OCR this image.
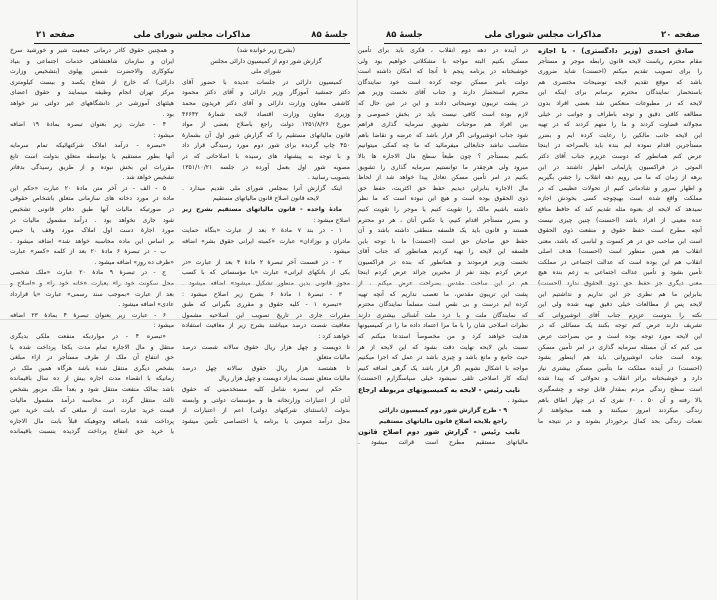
جلسهٔ ۸۵
مذاکرات مجلس شورای ملی
صفحه ۲۱
(بشرح زیر خوانده شد)
گزارش شور دوم از کمیسیون دارائی مجلس
شورای ملی
کمیسیون دارائی در جلسات عدیده با حضور آقای
دکتر جمشید آموزگار وزیر دارائی و آقای دکتر محمود
کاشفی معاون وزارت دارائی و آقای دکتر فریدون محمد
وزیری معاون وزارت اقتصاد لایحه شمارهٔ ۴۶۶۴۲
مورخ ۱۳۵۱/۸/۲۶ دولت راجع باصلاح بعضی از مواد
قانون مالیاتهای مستقیم را که گزارش شور اول آن بشمارهٔ
۴۵۰ چاپ گردیده برای شور دوم مورد رسیدگی قرار داد
و با توجه به پیشنهاد های رسیده با اصلاحاتی که در
مصوبه شور اول بعمل آورده در جلسه ۱۳۵۱/۱۰/۲۱
بتصویب رسانید .
اینک گزارش آنرا بمجلس شورای ملی تقدیم میدارد .
لایحه قانون اصلاح قانون مالیاتهای مستقیم
مادهٔ واحده - قانون مالیاتهای مستقیم بشرح زیر
اصلاح میشود :
۱ - در بند ۷ مادهٔ ۲ بعد از عبارت «بنگاه حمایت
مادران و نوزادان» عبارت «کمیته ایرانی حقوق بشر» اضافه
میشود .
۲ - در قسمت آخر تبصرهٔ ۲ مادهٔ ۴ بعد از عبارت «در
یکی از بانکهای ایرانی» عبارت «یا مؤسساتی که با کسب
۳ - تبصرهٔ ۱ مادهٔ ۶ بشرح زیر اصلاح میشود :
«تبصره ۱ - کلیه حقوق و مقرری بگیرانی که طبق
مقررات جاری در تاریخ تصویب این اصلاحیه مشمول
معافیت شصت درصد میباشند بشرح زیر از معافیت استفاده
خواهند کرد :
تا دویست و چهل هزار ریال حقوق سالانه شصت درصد
مالیات متعلق
تا هشتصد هزار ریال حقوق سالانه چهل درصد
مالیات متعلق نسبت بمازاد دویست و چهل هزار ریال
حکم این تبصره شامل کلیه مستخدمینی که حقوق
آنان از اعتبارات وزارتخانه ها و مؤسسات دولتی و وابسته
بدولت (باستثنای شرکتهای دولتی) اعم از اعتبارات از
محل درآمد عمومی یا برنامه یا اختصاصی تأمین میشود
و همچنین حقوق کادر درمانی جمعیت شیر و خورشید سرخ
ایران و سازمان شاهنشاهی خدمات اجتماعی و بنیاد
نیکوکاری والاحضرت شمس پهلوی (بتشخیص وزارت
دارائی) که خارج از شعاع یکصد و بیست کیلومتری
مرکز تهران انجام وظیفه مینمایند و حقوق اعضای
هیئتهای آموزشی در دانشگاههای غیر دولتی نیز خواهد
بود .
۴ - عبارت زیر بعنوان تبصره بمادهٔ ۱۹ اضافه
میشود :
«تبصره - درآمد املاک شرکتهائیکه تمام سرمایه
آنها بطور مستقیم یا بواسطه متعلق بدولت است تابع
مقررات این بخش نبوده و از طریق رسیدگی بدفاتر
تشخیص خواهد شد .
۵ - الف - در آخر متن مادهٔ ۲۰ عبارت «حکم این
ماده در مورد دخانه های سازمانی متعلق باشخاص حقوقی
در صورتیکه مالیات آنها طبق دفاتر قانونی تشخیص
شود جاری نخواهد بود . درآمد مشمول مالیات در
مورد اجارهٔ دست اول املاک مورد وقف یا حبس
بر اساس این ماده محاسبه خواهد شد» اضافه میشود .
ب - در تبصرهٔ ۶ مادهٔ ۲۰ بعد از کلمه «کسر» عبارت
«ظرف ده روز» اضافه میشود .
ج - در تبصرهٔ ۹ مادهٔ ۲۰ عبارت «ملک شخصی
بعد از عبارت «بموجب سند رسمی» عبارت «یا قرارداد
عادی» اضافه میشود .
۶ - عبارت زیر بعنوان تبصرهٔ ۴ بمادهٔ ۲۳ اضافه
میشود :
«تبصره ۴ - در مواردیکه منفعت ملکی بدیگری
منتقل و مال الاجاره تمام مدت یکجا پرداخت شده یا
حق انتفاع آن ملک از طرف مستأجر در ازاء مبلغی
بشخص دیگری منتقل شده باشد هرگاه همین ملک در
زمانیکه با انقضاء مدت اجاره بیش از ده سال باقیمانده
باشد بمالک منفعت منتقل شود و بعداً ملک مزبور بشخص
ثالث منتقل گردد در محاسبه درآمد مشمول مالیات
قیمت خرید عبارت است از مبلغی که بابت خرید عین
پرداخت شده باضافه وجوهیکه قبلاً بابت مال الاجاره
یا خرید حق انتفاع پرداخت گردیده بنسبت باقیمانده
جلسهٔ ۸۵	مذاکرات مجلس شورای ملی	صفحه ۲۰
صادق احمدی (وزیر دادگستری) - با اجازه
مقام محترم ریاست لایحه قانون رابطه موجر و مستأجر
را برای تصویب تقدیم میکنم (احسنت) شاید ضروری
باشد که موقع تقدیم لایحه توضیحات مختصری هم
باستحضار نمایندگان محترم برسانم برای اینکه این
لایحه که در مطبوعات منعکس شد بعضی افراد بدون
مطالعه کافی دقیق و توجه باطراف و جوانب در خیلی
مجولانه قضاوت کردند و ما را متهم کردند که در تهیه
این لایحه جانب مالکین را رعایت کرده ایم و بضرر
مستأجرین اقدام نموده ایم بنده باید بالصراحه در اینجا
عرض کنم همانطور که دوست عزیزم جناب آقای دکتر
الموتی در فراکسیون پارلمانی اظهار داشتند در این
برهه از زمان که ما می رویم دهه انقلاب را جشن بگیریم
و اظهار سرور و شادمانی کنیم از تحولات عظیمی که در
مملکت واقع شده است بهیچوجه کسی بخودش اجازه
نمیدهد که لایحه ای بعنوه مثله تقدیم کند که حافظ منافع
عده معینی از افراد باشد (احسنت) چنین چیزی نیست
آنچه مطرح است حفظ حقوق و منفعت ذوی الحقوق
است این صاحب حق در هر کسوت و لباسی که باشد، معنی
انقلاب هم همین منظور است (احسنت) هدف اصلی
انقلاب هم این بوده است که عدالت اجتماعی در مملکت
تأمین بشود و تأمین عدالت اجتماعی به زعم بنده هیچ
بنابراین ما هم نظری جز این نداریم و نداشتیم این
لایحه پس از مطالعات خیلی دقیق تهیه شده ولی این
نکته را بدوست عزیزم جناب آقای انوشیروانی که
تشریف دارند عرض کنم توجه بکنند یک مسائلی که در
این لایحه مورد توجه بوده است و من بصراحت عرض
می کنم که آن مسئله سرمایه گذاری در امر تأمین مسکن
بوده است جناب انوشیروانی باید هم اینطور بشود
(احسنت) در آینده مملکت ما بتأمین مسکن بیشتری نیاز
دارد و خوشبختانه براثر انقلاب و تحولاتی که پیدا شده
است سطح زندگی مردم بمقدار قابل توجه و چشمگیری
بالا رفته و آن ۵۰ ، ۶۰ نفری که در چهار اطاق باهم
زندگی میکردند امروز نمیکنند و همه میخواهند از
نعمات زندگی بحد کمال برخوردار بشوند و در نتیجه ما
در آینده در دهه دوم انقلاب ، فکری باید برای تأمین
مسکن بکنیم البته مواجه با مشکلاتی خواهیم بود ولی
خوشبختانه در برنامه پنجم تا آنجا که امکان داشته است
دولت بامر مسکن توجه کرده است خود نمایندگان
محترم استحضار دارند و جناب آقای نخست وزیر هم
در پشت تریبون توضیحاتی دادند و این در عین حال که
لازم بوده است کافی نیست باید در بخش خصوصی و
بین افراد هم موجبات تشویق سرمایه گذاری فراهم
شود جناب انوشیروانی اگر قرار باشد که عرضه و تقاضا باهم
متناسب نباشد جنابعالی میفرمائید که ما چه کمکی میتوانیم
بکنیم بمستأجر ؟ چون طبعاً سطح مال الاجاره ها بالا
میرود ولی هرچقدر ما توانستیم سرمایه گذاری را تشویق
بکنیم در امر تأمین مسکن تعادل پیدا خواهد شد از لحاظ
مال الاجاره بنابراین دیدیم حفظ حق اکثریت، حفظ حق
ذوی الحقوق بوده است و هیچ این نبوده است که ما نظر
داشته باشیم مالک را تقویت کنیم یا موجر را تقویت کنیم
و بضرر مستأجر اقدام کنیم، یا عکس آنان ، هر دو محترم
هستند و قانون باید یک فلسفه منطقی داشته باشد و آن
حفظ حق صاحبان حق است (احسنت) ما با توجه باین
فلسفه این لایحه را تهیه کردیم همانطور که جناب آقای
نخست وزیر فرمودند و همانطور که بنده در فراکسیون
عرض کردم بچند نفر از مخبرین جرائد عرض کردم اینجا
پشت این تریبون مقدس، ما تعصب نداریم که آنچه تهیه
کرده ایم درست و بی نقص است مسلماً نمایندگان محترم
که نمایندگان ملت و با درد ملت آشنائی بیشتری دارند
نظرات اصلاحی شان را با ما مرا اعتماد داده ما را در کمیسیونها
هدایت خواهند کرد و من مخصوصاً استدعا میکنم که
نسبت باین لایحه نهایت دقت بشود که این لایحه از هر
حیث جامع و مانع باشد و چیزی باشد در عمل که اجرا میکنیم
مواجه با اشکال نشویم اگر قرار باشد یک گرهی اضافه کنیم
اینکه کار اصلاحی تلقی نمیشود خیلی سپاسگزارم (احسنت)
نایب رئیس - لایحه به کمیسیونهای مربوطه ارجاع
میشود .
۹ - طرح گزارش شور دوم کمیسیون دارائی
راجع بلایحه اصلاح قانون مالیاتهای مستقیم
نایب رئیس - گزارش شور دوم اصلاح قانون
مالیاتهای مستقیم مطرح است قرائت میشود .
